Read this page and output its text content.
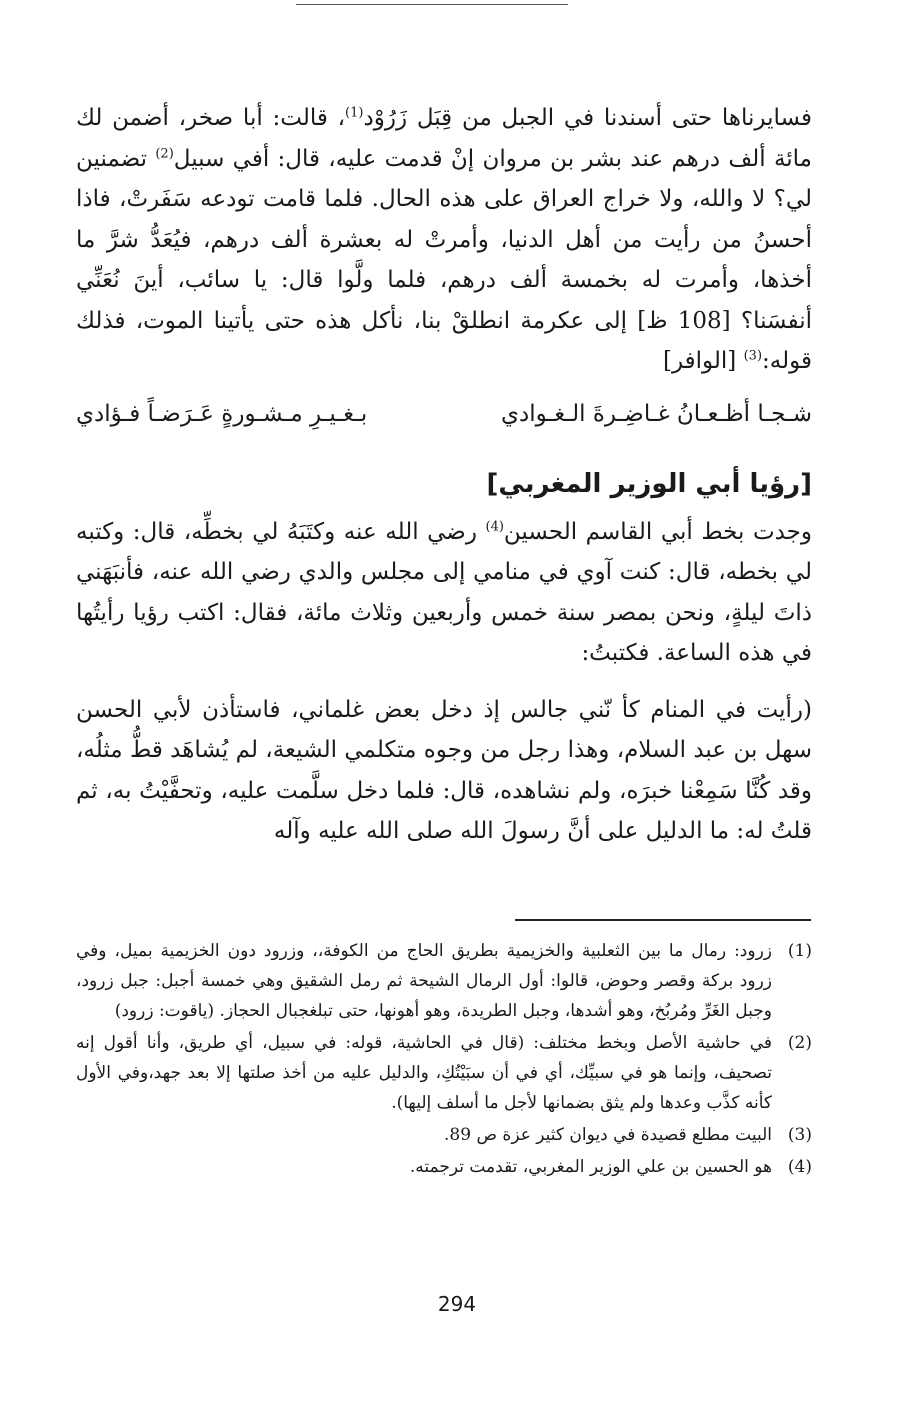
فسايرناها حتى أسندنا في الجبل من قِبَل زَرُوْد$^{(1)}$، قالت: أبا صخر، أضمن لك مائة ألف درهم عند بشر بن مروان إنْ قدمت عليه، قال: أفي سبيل$^{(2)}$ تضمنين لي؟ لا والله، ولا خراج العراق على هذه الحال. فلما قامت تودعه سَفَرتْ، فاذا أحسنُ من رأيت من أهل الدنيا، وأمرتْ له بعشرة ألف درهم، فيُعَدُّ شرَّ ما أخذها، وأمرت له بخمسة ألف درهم، فلما ولَّوا قال: يا سائب، أينَ نُعَنِّي أنفسَنا؟ [108 ظ] إلى عكرمة انطلقْ بنا، نأكل هذه حتى يأتينا الموت، فذلك قوله:$^{(3)}$ [الوافر]

شـجـا أظـعـانُ غـاضِـرةَ الـغـوادي
بـغـيـرِ مـشـورةٍ عَـرَضـاً فـؤادي
[رؤيا أبي الوزير المغربي]

وجدت بخط أبي القاسم الحسين$^{(4)}$ رضي الله عنه وكتَبَهُ لي بخطِّه، قال: وكتبه لي بخطه، قال: كنت آوي في منامي إلى مجلس والدي رضي الله عنه، فأنبَهَني ذاتَ ليلةٍ، ونحن بمصر سنة خمس وأربعين وثلاث مائة، فقال: اكتب رؤيا رأيتُها في هذه الساعة. فكتبتُ:

(رأيت في المنام كأ نّني جالس إذ دخل بعض غلماني، فاستأذن لأبي الحسن سهل بن عبد السلام، وهذا رجل من وجوه متكلمي الشيعة، لم يُشاهَد قطُّ مثلُه، وقد كُنَّا سَمِعْنا خبرَه، ولم نشاهده، قال: فلما دخل سلَّمت عليه، وتحفَّيْتُ به، ثم قلتُ له: ما الدليل على أنَّ رسولَ الله صلى الله عليه وآله

(1)
زرود: رمال ما بين الثعلبية والخزيمية بطريق الحاج من الكوفة،، وزرود دون الخزيمية بميل، وفي زرود بركة وقصر وحوض، قالوا: أول الرمال الشيحة ثم رمل الشقيق وهي خمسة أجبل: جبل زرود، وجبل الغَرِّ ومُربُخ، وهو أشدها، وجبل الطريدة، وهو أهونها، حتى تبلغجبال الحجاز. (ياقوت: زرود)
(2)
في حاشية الأصل وبخط مختلف: (قال في الحاشية، قوله: في سبيل، أي طريق، وأنا أقول إنه تصحيف، وإنما هو في سبيِّك، أي في أن سبَيْتُكِ، والدليل عليه من أخذ صلتها إلا بعد جهد،وفي الأول كأنه كذَّب وعدها ولم يثق بضمانها لأجل ما أسلف إليها).
(3)
البيت مطلع قصيدة في ديوان كثير عزة ص 89.
(4)
هو الحسين بن علي الوزير المغربي، تقدمت ترجمته.
294
